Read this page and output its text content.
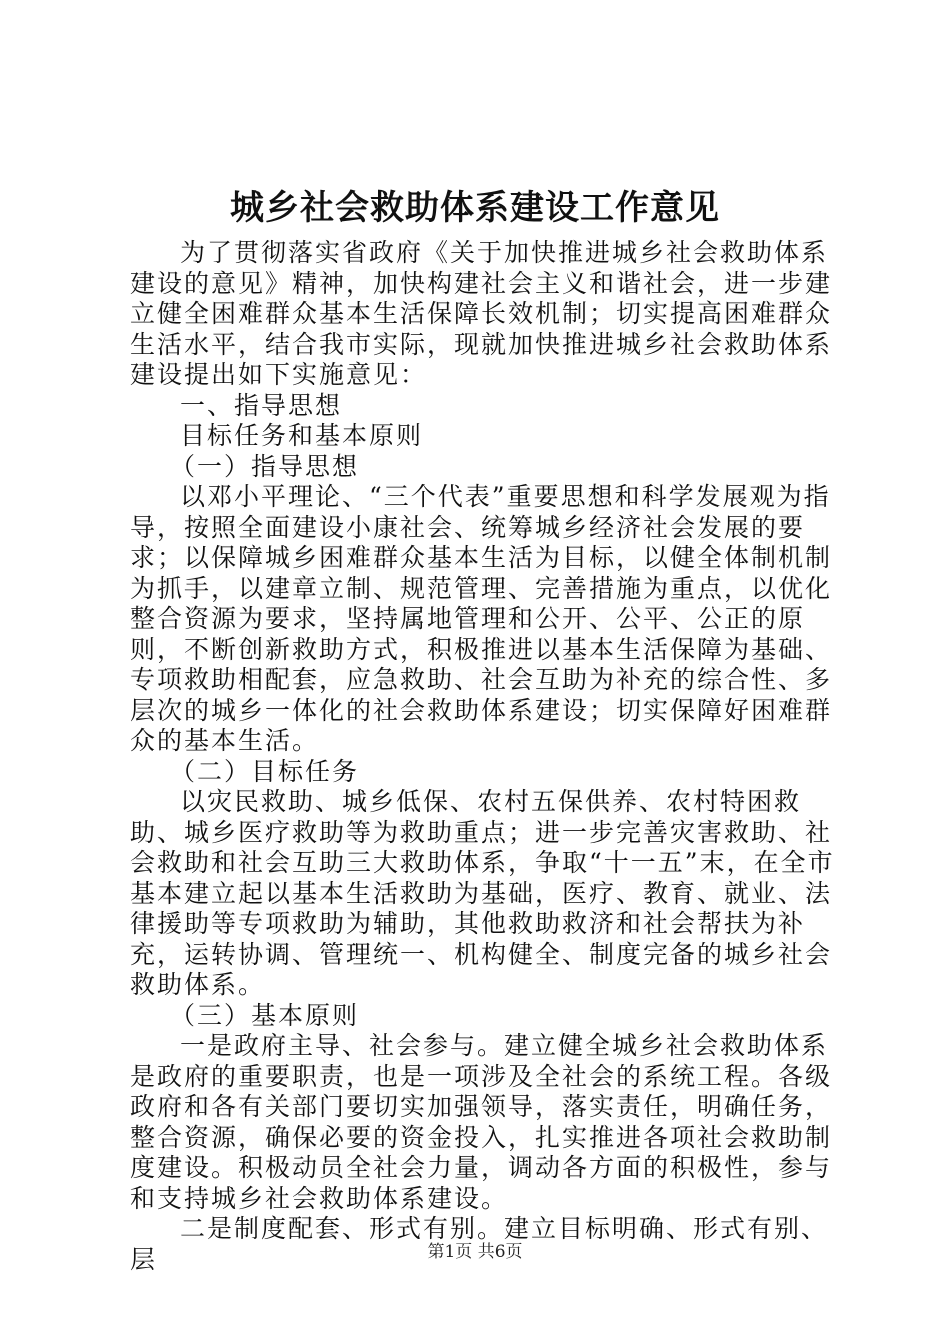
城乡社会救助体系建设工作意见

为了贯彻落实省政府《关于加快推进城乡社会救助体系建设的意见》精神，加快构建社会主义和谐社会，进一步建立健全困难群众基本生活保障长效机制；切实提高困难群众生活水平，结合我市实际，现就加快推进城乡社会救助体系建设提出如下实施意见：

一、指导思想

目标任务和基本原则

（一）指导思想

以邓小平理论、“三个代表”重要思想和科学发展观为指导，按照全面建设小康社会、统筹城乡经济社会发展的要求；以保障城乡困难群众基本生活为目标，以健全体制机制为抓手，以建章立制、规范管理、完善措施为重点，以优化整合资源为要求，坚持属地管理和公开、公平、公正的原则，不断创新救助方式，积极推进以基本生活保障为基础、专项救助相配套，应急救助、社会互助为补充的综合性、多层次的城乡一体化的社会救助体系建设；切实保障好困难群众的基本生活。

（二）目标任务

以灾民救助、城乡低保、农村五保供养、农村特困救助、城乡医疗救助等为救助重点；进一步完善灾害救助、社会救助和社会互助三大救助体系，争取“十一五”末，在全市基本建立起以基本生活救助为基础，医疗、教育、就业、法律援助等专项救助为辅助，其他救助救济和社会帮扶为补充，运转协调、管理统一、机构健全、制度完备的城乡社会救助体系。

（三）基本原则

一是政府主导、社会参与。建立健全城乡社会救助体系是政府的重要职责，也是一项涉及全社会的系统工程。各级政府和各有关部门要切实加强领导，落实责任，明确任务，整合资源，确保必要的资金投入，扎实推进各项社会救助制度建设。积极动员全社会力量，调动各方面的积极性，参与和支持城乡社会救助体系建设。

二是制度配套、形式有别。建立目标明确、形式有别、层	第1页 共6页
